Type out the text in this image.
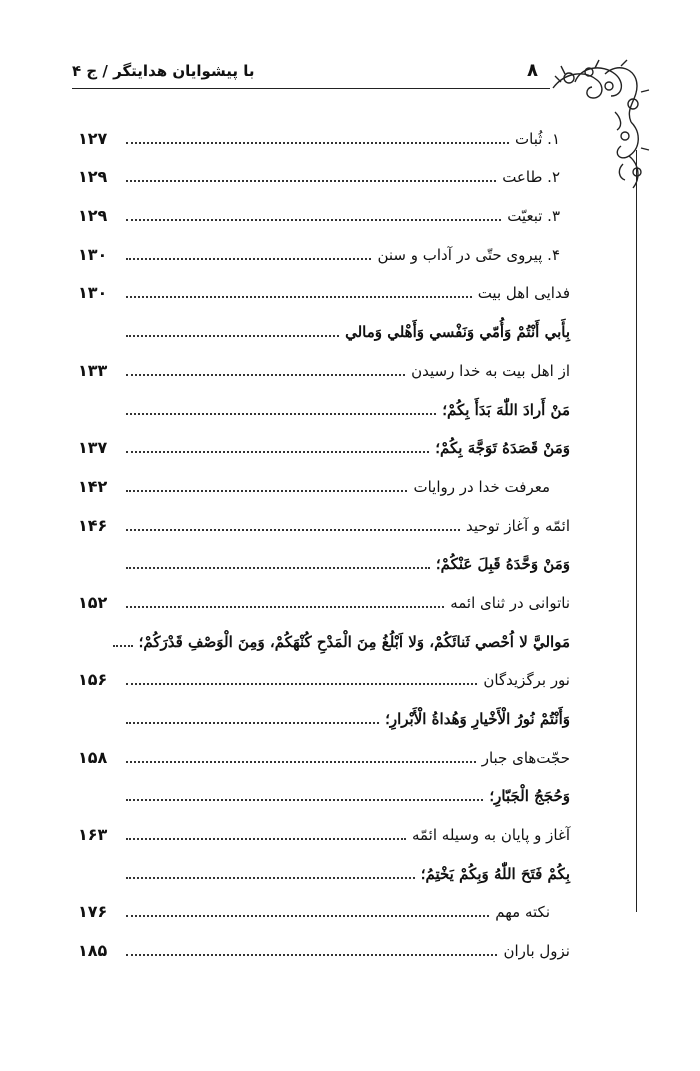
۸
با پیشوایان هدایتگر / ج ۴
۱. ثُبات
۱۲۷
۲. طاعت
۱۲۹
۳. تبعیّت
۱۲۹
۴. پیروی حتّی در آداب و سنن
۱۳۰
فدایی اهل بیت
۱۳۰
بِأَبي أَنْتُمْ وَأُمّي وَنَفْسي وَأَهْلي وَمالي
از اهل بیت به خدا رسیدن
۱۳۳
مَنْ أَرادَ اللّٰهَ بَدَأَ بِكُمْ؛
وَمَنْ قَصَدَهُ تَوَجَّهَ بِكُمْ؛
۱۳۷
معرفت خدا در روایات
۱۴۲
ائمّه و آغاز توحید
۱۴۶
وَمَنْ وَحَّدَهُ قَبِلَ عَنْكُمْ؛
ناتوانی در ثنای ائمه
۱۵۲
مَواليَّ لا اُحْصي ثَنائَكُمْ، وَلا اَبْلُغُ مِنَ الْمَدْحِ كُنْهَكُمْ، وَمِنَ الْوَصْفِ قَدْرَكُمْ؛
نور برگزیدگان
۱۵۶
وَأَنْتُمْ نُورُ الْأَخْيارِ وَهُداةُ الْأَبْرارِ؛
حجّت‌های جبار
۱۵۸
وَحُجَجُ الْجَبّارِ؛
آغاز و پایان به وسیله ائمّه
۱۶۳
بِكُمْ فَتَحَ اللّٰهُ وَبِكُمْ يَخْتِمُ؛
نکته مهم
۱۷۶
نزول باران
۱۸۵
